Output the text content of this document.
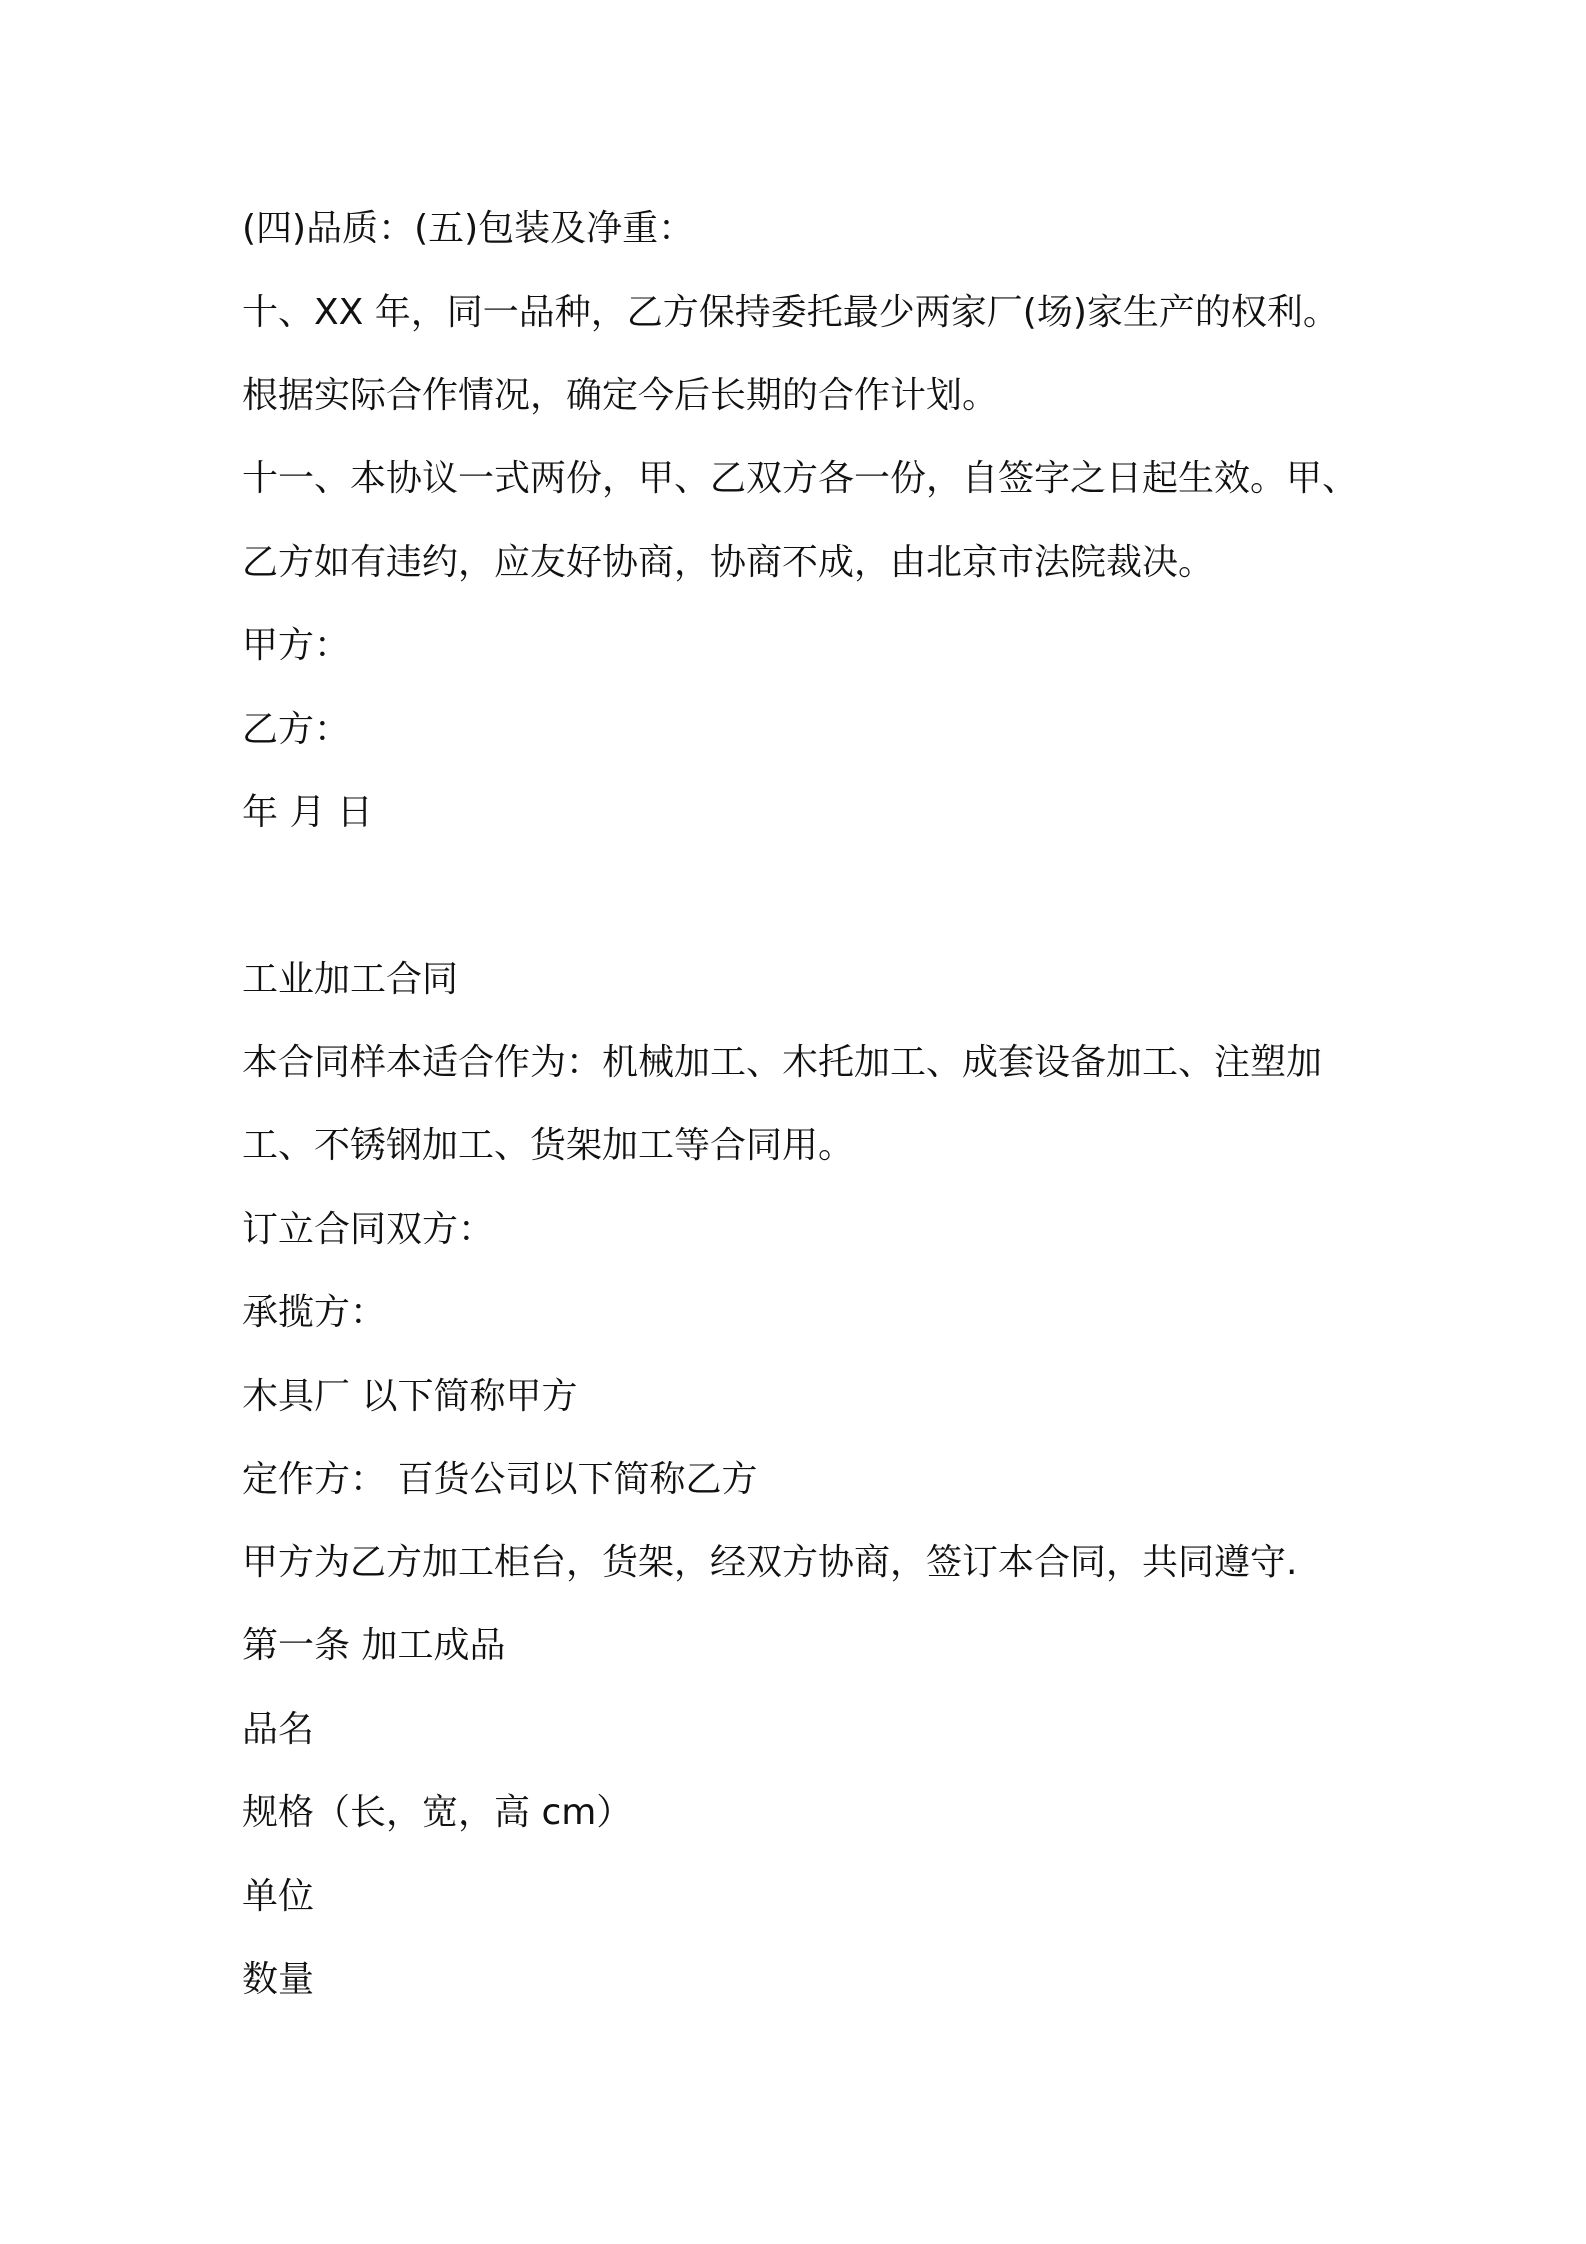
(四)品质：(五)包装及净重：

十、XX 年，同一品种，乙方保持委托最少两家厂(场)家生产的权利。

根据实际合作情况，确定今后长期的合作计划。

十一、本协议一式两份，甲、乙双方各一份，自签字之日起生效。甲、

乙方如有违约，应友好协商，协商不成，由北京市法院裁决。

甲方：

乙方：

年 月 日

工业加工合同

本合同样本适合作为：机械加工、木托加工、成套设备加工、注塑加

工、不锈钢加工、货架加工等合同用。

订立合同双方：

承揽方：

木具厂 以下简称甲方

定作方： 百货公司以下简称乙方

甲方为乙方加工柜台，货架，经双方协商，签订本合同，共同遵守.

第一条 加工成品

品名

规格（长，宽，高 cm）

单位

数量
